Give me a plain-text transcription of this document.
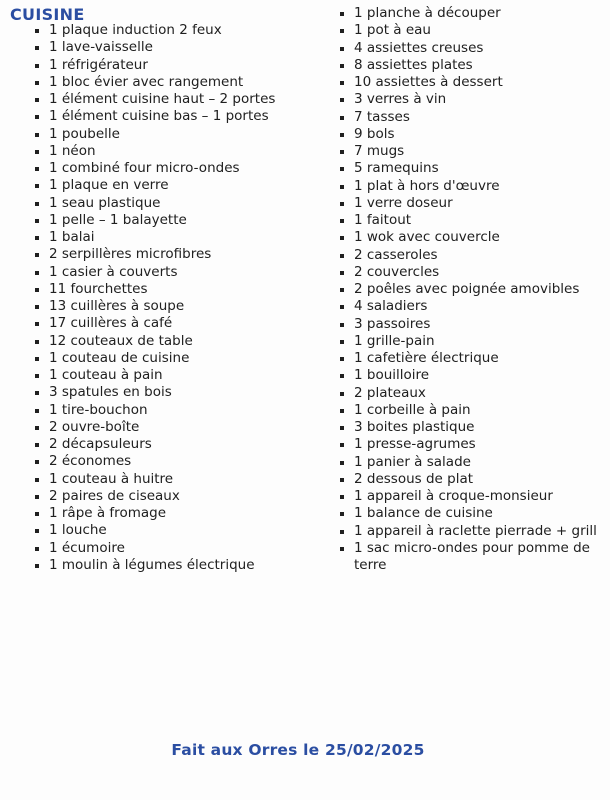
CUISINE
1 plaque induction 2 feux
1 lave-vaisselle
1 réfrigérateur
1 bloc évier avec rangement
1 élément cuisine haut – 2 portes
1 élément cuisine bas – 1 portes
1 poubelle
1 néon
1 combiné four micro-ondes
1 plaque en verre
1 seau plastique
1 pelle – 1 balayette
1 balai
2 serpillères microfibres
1 casier à couverts
11 fourchettes
13 cuillères à soupe
17 cuillères à café
12 couteaux de table
1 couteau de cuisine
1 couteau à pain
3 spatules en bois
1 tire-bouchon
2 ouvre-boîte
2 décapsuleurs
2 économes
1 couteau à huitre
2 paires de ciseaux
1 râpe à fromage
1 louche
1 écumoire
1 moulin à légumes électrique
1 planche à découper
1 pot à eau
4 assiettes creuses
8 assiettes plates
10 assiettes à dessert
3 verres à vin
7 tasses
9 bols
7 mugs
5 ramequins
1 plat à hors d'œuvre
1 verre doseur
1 faitout
1 wok avec couvercle
2 casseroles
2 couvercles
2 poêles avec poignée amovibles
4 saladiers
3 passoires
1 grille-pain
1 cafetière électrique
1 bouilloire
2 plateaux
1 corbeille à pain
3 boites plastique
1 presse-agrumes
1 panier à salade
2 dessous de plat
1 appareil à croque-monsieur
1 balance de cuisine
1 appareil à raclette pierrade + grill
1 sac micro-ondes pour pomme de terre
Fait aux Orres le 25/02/2025
